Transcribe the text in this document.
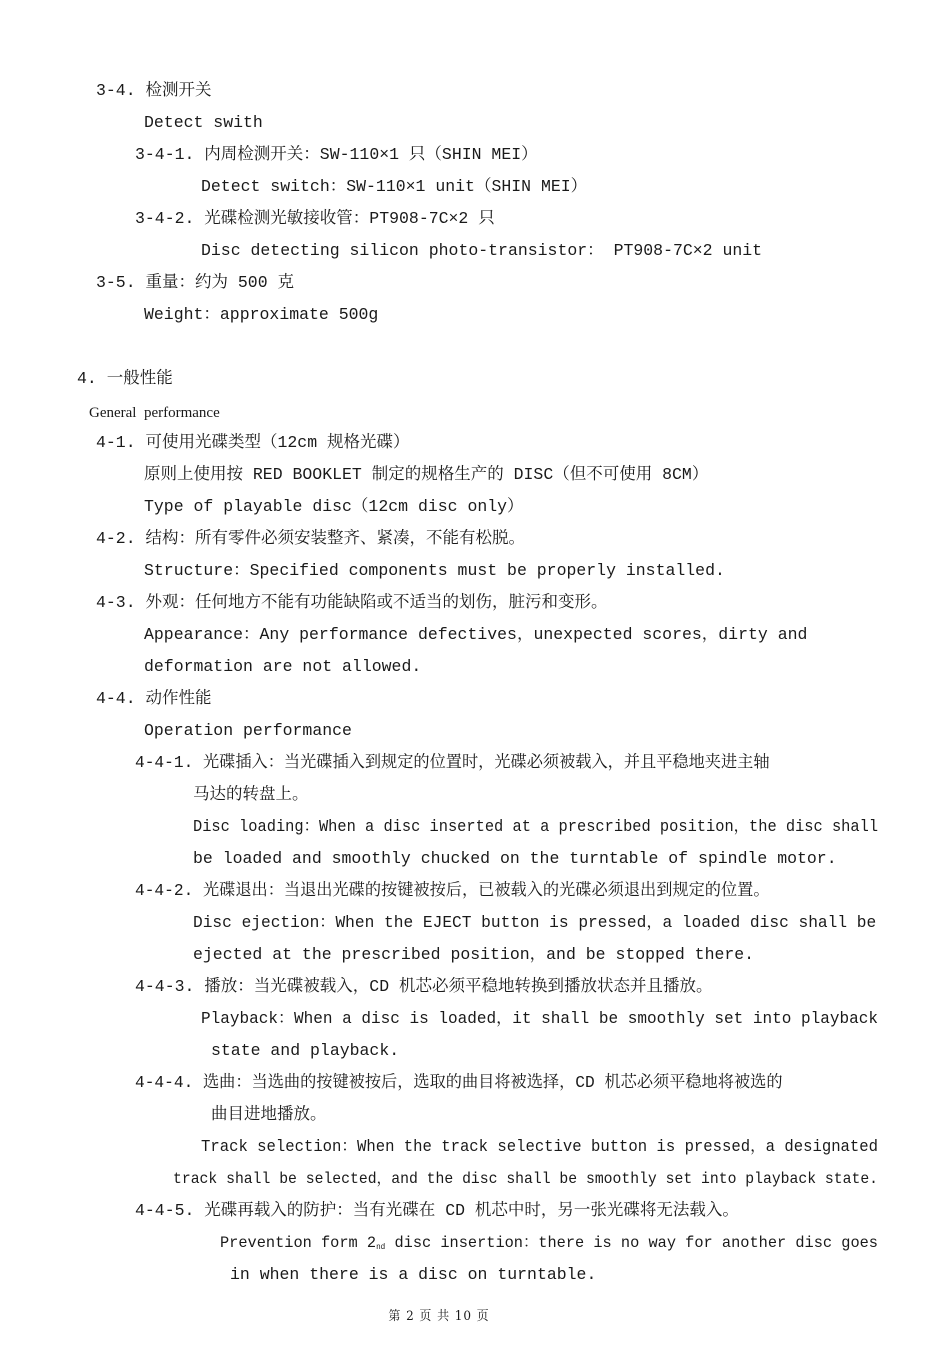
3-4. 检测开关
Detect swith
3-4-1. 内周检测开关：SW-110×1 只（SHIN MEI）
Detect switch：SW-110×1 unit（SHIN MEI）
3-4-2. 光碟检测光敏接收管：PT908-7C×2 只
Disc detecting silicon photo-transistor： PT908-7C×2 unit
3-5. 重量：约为 500 克
Weight：approximate 500g
4. 一般性能
General  performance
4-1. 可使用光碟类型（12cm 规格光碟）
原则上使用按 RED BOOKLET 制定的规格生产的 DISC（但不可使用 8CM）
Type of playable disc（12cm disc only）
4-2. 结构：所有零件必须安装整齐、紧凑，不能有松脱。
Structure：Specified components must be properly installed.
4-3. 外观：任何地方不能有功能缺陷或不适当的划伤，脏污和变形。
Appearance：Any performance defectives，unexpected scores，dirty and
deformation are not allowed.
4-4. 动作性能
Operation performance
4-4-1. 光碟插入：当光碟插入到规定的位置时，光碟必须被载入，并且平稳地夹进主轴
马达的转盘上。
Disc loading：When a disc inserted at a prescribed position，the disc shall
be loaded and smoothly chucked on the turntable of spindle motor.
4-4-2. 光碟退出：当退出光碟的按键被按后，已被载入的光碟必须退出到规定的位置。
Disc ejection：When the EJECT button is pressed，a loaded disc shall be
ejected at the prescribed position，and be stopped there.
4-4-3. 播放：当光碟被载入，CD 机芯必须平稳地转换到播放状态并且播放。
Playback：When a disc is loaded，it shall be smoothly set into playback
state and playback.
4-4-4. 选曲：当选曲的按键被按后，选取的曲目将被选择，CD 机芯必须平稳地将被选的
曲目进地播放。
Track selection：When the track selective button is pressed，a designated
track shall be selected，and the disc shall be smoothly set into playback state.
4-4-5. 光碟再载入的防护：当有光碟在 CD 机芯中时，另一张光碟将无法载入。
Prevention form $2_{nd}$ disc insertion：there is no way for another disc goes
in when there is a disc on turntable.
第 2 页 共 10 页
